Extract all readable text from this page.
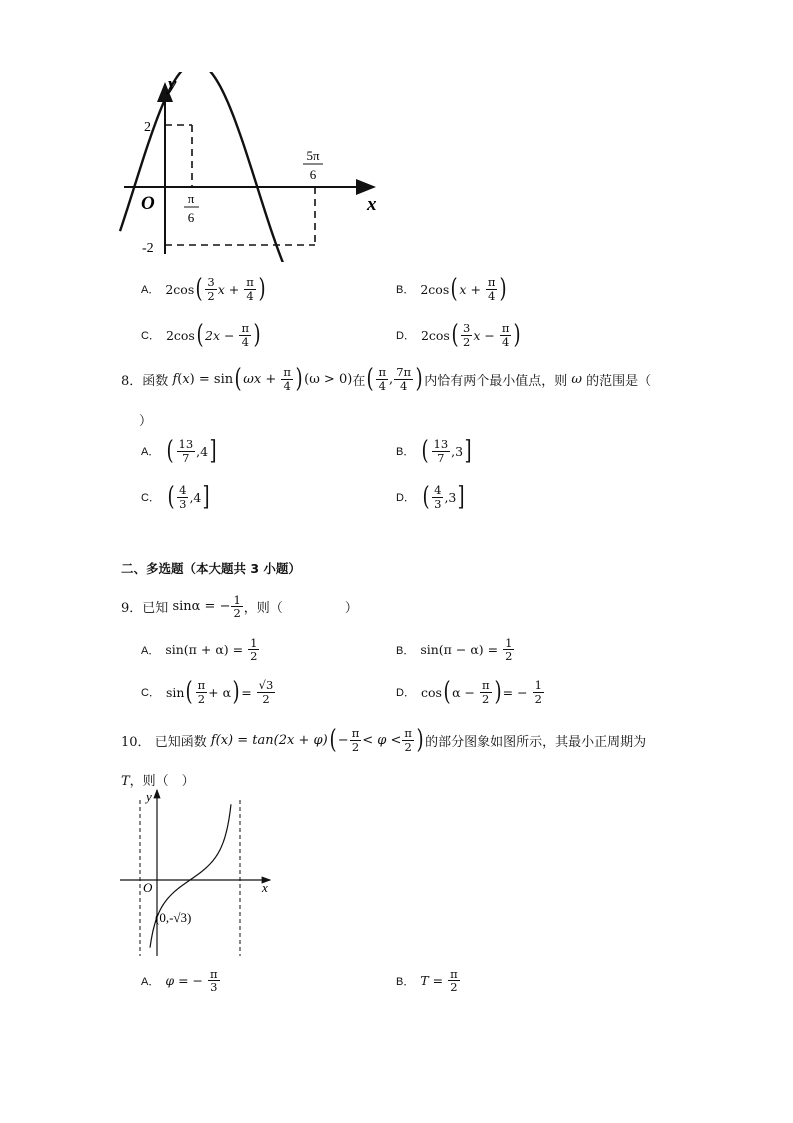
y
x
O
2
-2
π
6
5π
6
A． 2cos ( $\frac{3}{2}$ x
+
$\frac{\pi}{4}$ )	B． 2cos ( x
+
$\frac{\pi}{4}$ )
C． 2cos ( 2x
−
$\frac{\pi}{4}$ )	D． 2cos ( $\frac{3}{2}$ x
−
$\frac{\pi}{4}$ )
8． 函数
f ( x )
= sin ( ωx
+
$\frac{\pi}{4}$ ) (ω > 0) 在 ( $\frac{\pi}{4}$ , $\frac{7\pi}{4}$ ) 内恰有两个最小值点，则
ω
的范围是（
）
A． ( $\frac{13}{7} ,4$ ]	B． ( $\frac{13}{7} ,3$ ]
C． ( $\frac{4}{3} ,4$ ]	D． ( $\frac{4}{3} ,3$ ]
二、多选题（本大题共 3 小题）
9． 已知
sinα = − $\frac{1}{2}$ ，则（	）
A． sin(π + α) =
$\frac{1}{2}$	B． sin(π − α) =
$\frac{1}{2}$
C． sin ( $\frac{\pi}{2} + \alpha$ ) =
$\frac{√3}{2}$	D． cos ( α −
$\frac{\pi}{2}$ ) = −
$\frac{1}{2}$
10．
已知函数
f(x) = tan(2x + φ) ( − $\frac{\pi}{2} < \varphi < \frac{\pi}{2}$ ) 的部分图象如图所示，其最小正周期为
T，则（　）
y
x
O
(0,-√3)
A． φ = −
$\frac{\pi}{3}$	B． T =
$\frac{\pi}{2}$
